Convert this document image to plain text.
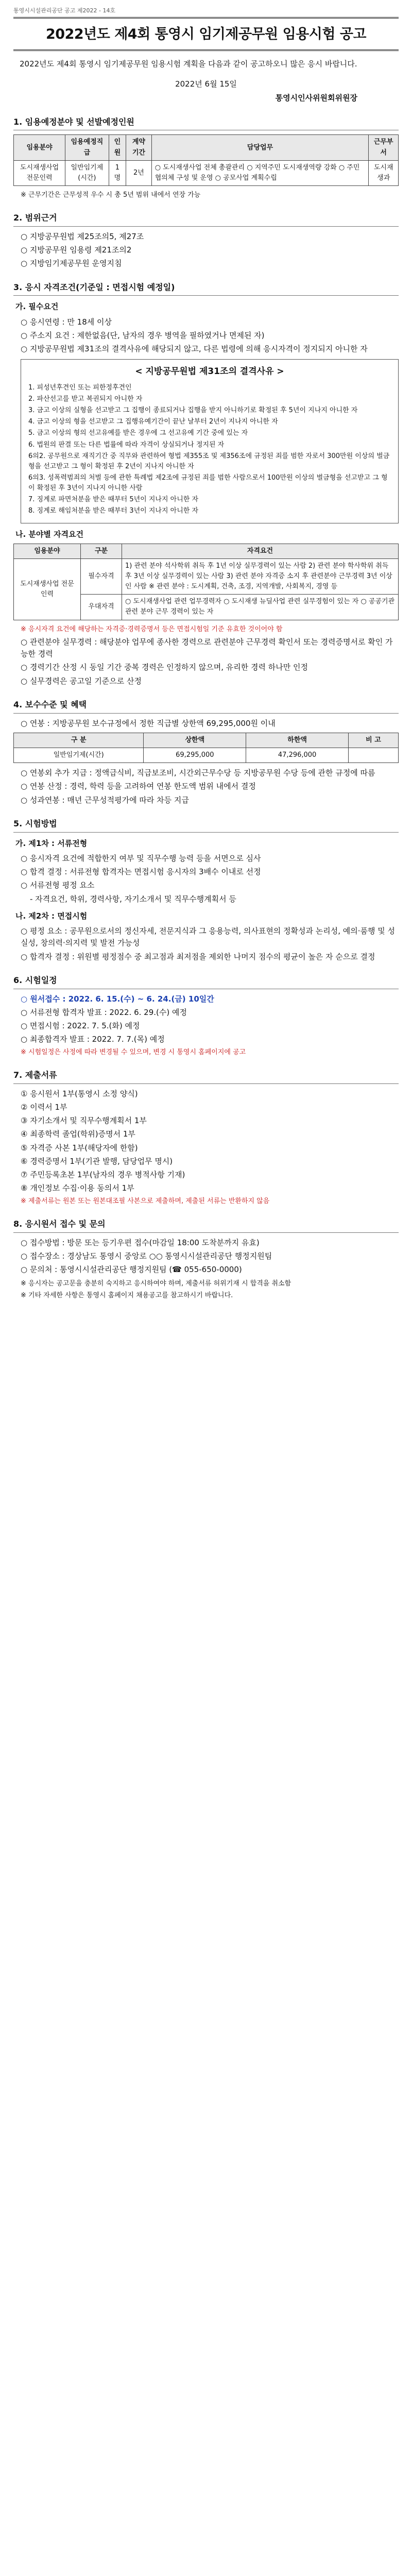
통영시시설관리공단 공고 제2022 - 14호
2022년도 제4회 통영시 임기제공무원 임용시험 공고

2022년도 제4회 통영시 임기제공무원 임용시험 계획을 다음과 같이 공고하오니 많은 응시 바랍니다.

2022년 6월 15일
통영시인사위원회위원장
1. 임용예정분야 및 선발예정인원
임용분야	임용예정직급	인원	계약기간	담당업무	근무부서
도시재생사업 전문인력	일반임기제 (시간)	1명	2년	○ 도시재생사업 전체 총괄관리 ○ 지역주민 도시재생역량 강화 ○ 주민협의체 구성 및 운영 ○ 공모사업 계획수립	도시재생과
※ 근무기간은 근무성적 우수 시 총 5년 범위 내에서 연장 가능
2. 범위근거
○ 지방공무원법 제25조의5, 제27조
○ 지방공무원 임용령 제21조의2
○ 지방임기제공무원 운영지침
3. 응시 자격조건(기준일 : 면접시험 예정일)
가. 필수요건
○ 응시연령 : 만 18세 이상
○ 주소지 요건 : 제한없음(단, 남자의 경우 병역을 필하였거나 면제된 자)
○ 지방공무원법 제31조의 결격사유에 해당되지 않고, 다른 법령에 의해 응시자격이 정지되지 아니한 자
< 지방공무원법 제31조의 결격사유 >
1. 피성년후견인 또는 피한정후견인
2. 파산선고를 받고 복권되지 아니한 자
3. 금고 이상의 실형을 선고받고 그 집행이 종료되거나 집행을 받지 아니하기로 확정된 후 5년이 지나지 아니한 자
4. 금고 이상의 형을 선고받고 그 집행유예기간이 끝난 날부터 2년이 지나지 아니한 자
5. 금고 이상의 형의 선고유예를 받은 경우에 그 선고유예 기간 중에 있는 자
6. 법원의 판결 또는 다른 법률에 따라 자격이 상실되거나 정지된 자
6의2. 공무원으로 재직기간 중 직무와 관련하여 형법 제355조 및 제356조에 규정된 죄를 범한 자로서 300만원 이상의 벌금형을 선고받고 그 형이 확정된 후 2년이 지나지 아니한 자
6의3. 성폭력범죄의 처벌 등에 관한 특례법 제2조에 규정된 죄를 범한 사람으로서 100만원 이상의 벌금형을 선고받고 그 형이 확정된 후 3년이 지나지 아니한 사람
7. 징계로 파면처분을 받은 때부터 5년이 지나지 아니한 자
8. 징계로 해임처분을 받은 때부터 3년이 지나지 아니한 자
나. 분야별 자격요건
임용분야	구분	자격요건
도시재생사업 전문인력	필수자격	1) 관련 분야 석사학위 취득 후 1년 이상 실무경력이 있는 사람 2) 관련 분야 학사학위 취득 후 3년 이상 실무경력이 있는 사람 3) 관련 분야 자격증 소지 후 관련분야 근무경력 3년 이상인 사람 ※ 관련 분야 : 도시계획, 건축, 조경, 지역개발, 사회복지, 경영 등
	우대자격	○ 도시재생사업 관련 업무경력자 ○ 도시재생 뉴딜사업 관련 실무경험이 있는 자 ○ 공공기관 관련 분야 근무 경력이 있는 자
※ 응시자격 요건에 해당하는 자격증·경력증명서 등은 면접시험일 기준 유효한 것이어야 함
○ 관련분야 실무경력 : 해당분야 업무에 종사한 경력으로 관련분야 근무경력 확인서 또는 경력증명서로 확인 가능한 경력
○ 경력기간 산정 시 동일 기간 중복 경력은 인정하지 않으며, 유리한 경력 하나만 인정
○ 실무경력은 공고일 기준으로 산정
4. 보수수준 및 혜택
○ 연봉 : 지방공무원 보수규정에서 정한 직급별 상한액 69,295,000원 이내
구 분	상한액	하한액	비 고
일반임기제(시간)	69,295,000	47,296,000	
○ 연봉외 추가 지급 : 정액급식비, 직급보조비, 시간외근무수당 등 지방공무원 수당 등에 관한 규정에 따름
○ 연봉 산정 : 경력, 학력 등을 고려하여 연봉 한도액 범위 내에서 결정
○ 성과연봉 : 매년 근무성적평가에 따라 차등 지급
5. 시험방법
가. 제1차 : 서류전형
○ 응시자격 요건에 적합한지 여부 및 직무수행 능력 등을 서면으로 심사
○ 합격 결정 : 서류전형 합격자는 면접시험 응시자의 3배수 이내로 선정
○ 서류전형 평정 요소
- 자격요건, 학위, 경력사항, 자기소개서 및 직무수행계획서 등
나. 제2차 : 면접시험
○ 평정 요소 : 공무원으로서의 정신자세, 전문지식과 그 응용능력, 의사표현의 정확성과 논리성, 예의·품행 및 성실성, 창의력·의지력 및 발전 가능성
○ 합격자 결정 : 위원별 평정점수 중 최고점과 최저점을 제외한 나머지 점수의 평균이 높은 자 순으로 결정
6. 시험일정
○ 원서접수 : 2022. 6. 15.(수) ~ 6. 24.(금) 10일간
○ 서류전형 합격자 발표 : 2022. 6. 29.(수) 예정
○ 면접시험 : 2022. 7. 5.(화) 예정
○ 최종합격자 발표 : 2022. 7. 7.(목) 예정
※ 시험일정은 사정에 따라 변경될 수 있으며, 변경 시 통영시 홈페이지에 공고
7. 제출서류
① 응시원서 1부(통영시 소정 양식)
② 이력서 1부
③ 자기소개서 및 직무수행계획서 1부
④ 최종학력 졸업(학위)증명서 1부
⑤ 자격증 사본 1부(해당자에 한함)
⑥ 경력증명서 1부(기관 발행, 담당업무 명시)
⑦ 주민등록초본 1부(남자의 경우 병적사항 기재)
⑧ 개인정보 수집·이용 동의서 1부
※ 제출서류는 원본 또는 원본대조필 사본으로 제출하며, 제출된 서류는 반환하지 않음
8. 응시원서 접수 및 문의
○ 접수방법 : 방문 또는 등기우편 접수(마감일 18:00 도착분까지 유효)
○ 접수장소 : 경상남도 통영시 중앙로 ○○ 통영시시설관리공단 행정지원팀
○ 문의처 : 통영시시설관리공단 행정지원팀 (☎ 055-650-0000)
※ 응시자는 공고문을 충분히 숙지하고 응시하여야 하며, 제출서류 허위기재 시 합격을 취소함
※ 기타 자세한 사항은 통영시 홈페이지 채용공고를 참고하시기 바랍니다.
